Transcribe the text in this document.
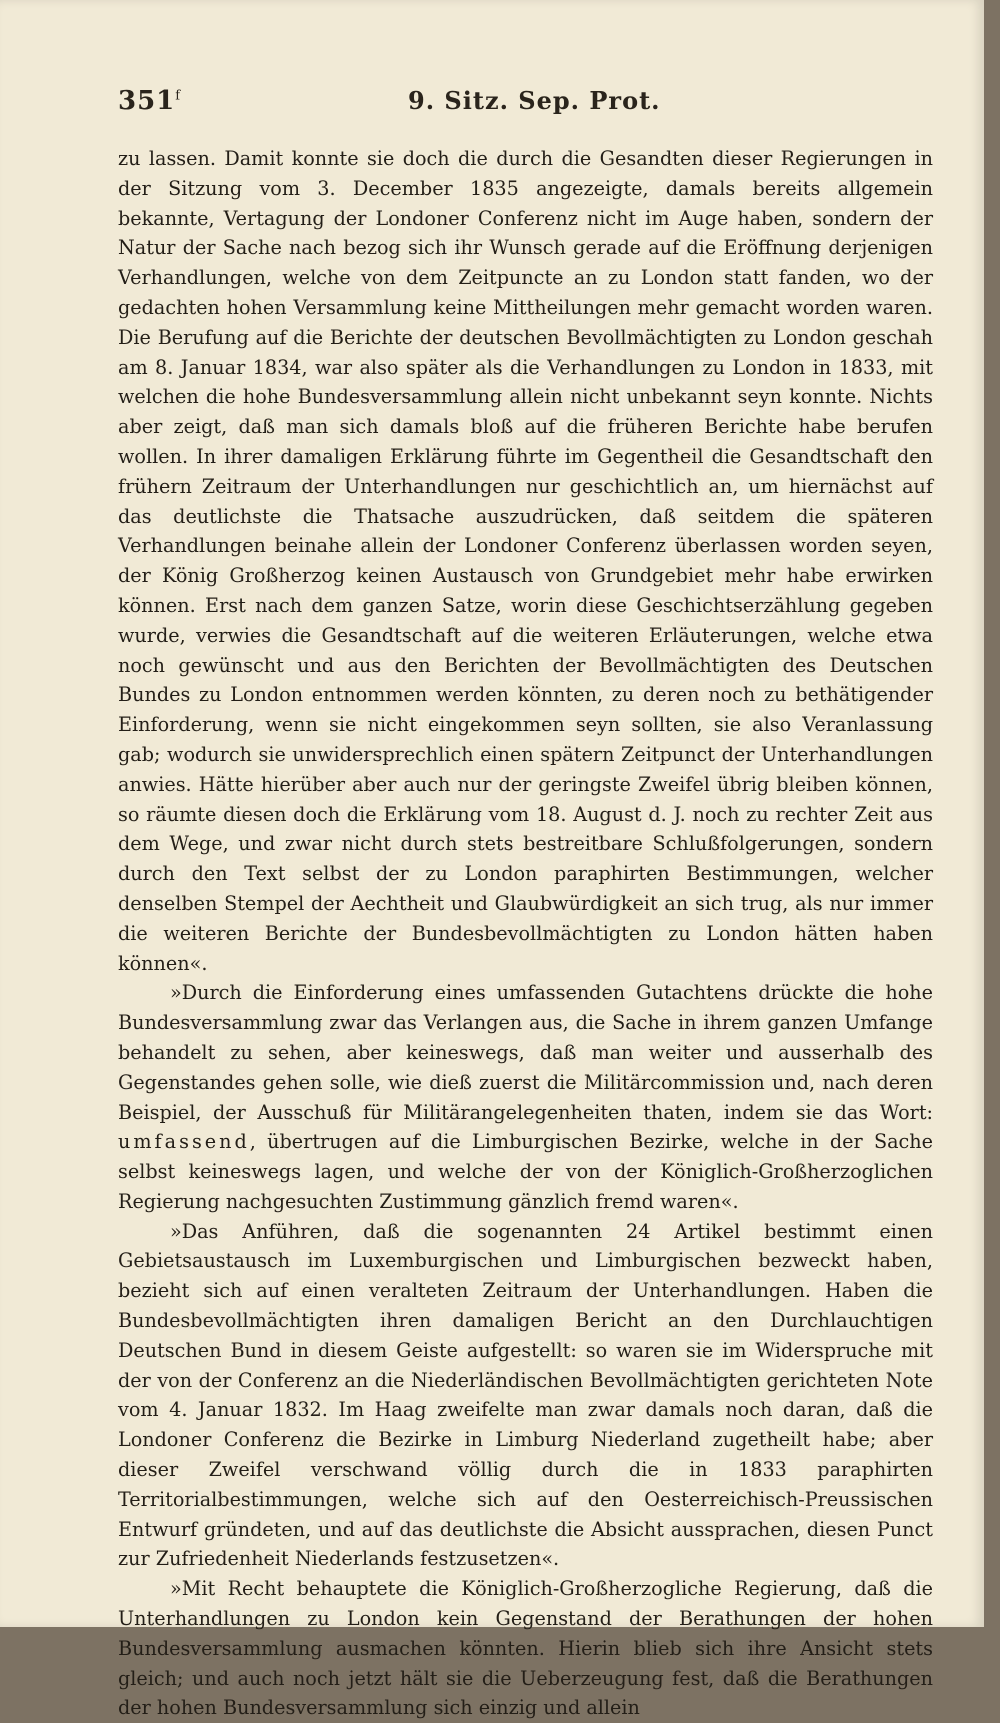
351$^f$	9. Sitz. Sep. Prot.

zu lassen. Damit konnte sie doch die durch die Gesandten dieser Regierungen in der Sitzung vom 3. December 1835 angezeigte, damals bereits allgemein bekannte, Vertagung der Londoner Conferenz nicht im Auge haben, sondern der Natur der Sache nach bezog sich ihr Wunsch gerade auf die Eröffnung derjenigen Verhandlungen, welche von dem Zeitpuncte an zu London statt fanden, wo der gedachten hohen Versammlung keine Mittheilungen mehr gemacht worden waren. Die Berufung auf die Berichte der deutschen Bevollmächtigten zu London geschah am 8. Januar 1834, war also später als die Verhandlungen zu London in 1833, mit welchen die hohe Bundesversammlung allein nicht unbekannt seyn konnte. Nichts aber zeigt, daß man sich damals bloß auf die früheren Berichte habe berufen wollen. In ihrer damaligen Erklärung führte im Gegentheil die Gesandtschaft den frühern Zeitraum der Unterhandlungen nur geschichtlich an, um hiernächst auf das deutlichste die Thatsache auszudrücken, daß seitdem die späteren Verhandlungen beinahe allein der Londoner Conferenz überlassen worden seyen, der König Großherzog keinen Austausch von Grundgebiet mehr habe erwirken können. Erst nach dem ganzen Satze, worin diese Geschichtserzählung gegeben wurde, verwies die Gesandtschaft auf die weiteren Erläuterungen, welche etwa noch gewünscht und aus den Berichten der Bevollmächtigten des Deutschen Bundes zu London entnommen werden könnten, zu deren noch zu bethätigender Einforderung, wenn sie nicht eingekommen seyn sollten, sie also Veranlassung gab; wodurch sie unwidersprechlich einen spätern Zeitpunct der Unterhandlungen anwies. Hätte hierüber aber auch nur der geringste Zweifel übrig bleiben können, so räumte diesen doch die Erklärung vom 18. August d. J. noch zu rechter Zeit aus dem Wege, und zwar nicht durch stets bestreitbare Schlußfolgerungen, sondern durch den Text selbst der zu London paraphirten Bestimmungen, welcher denselben Stempel der Aechtheit und Glaubwürdigkeit an sich trug, als nur immer die weiteren Berichte der Bundesbevollmächtigten zu London hätten haben können«.

»Durch die Einforderung eines umfassenden Gutachtens drückte die hohe Bundesversammlung zwar das Verlangen aus, die Sache in ihrem ganzen Umfange behandelt zu sehen, aber keineswegs, daß man weiter und ausserhalb des Gegenstandes gehen solle, wie dieß zuerst die Militärcommission und, nach deren Beispiel, der Ausschuß für Militärangelegenheiten thaten, indem sie das Wort: umfassend, übertrugen auf die Limburgischen Bezirke, welche in der Sache selbst keineswegs lagen, und welche der von der Königlich-Großherzoglichen Regierung nachgesuchten Zustimmung gänzlich fremd waren«.

»Das Anführen, daß die sogenannten 24 Artikel bestimmt einen Gebietsaustausch im Luxemburgischen und Limburgischen bezweckt haben, bezieht sich auf einen veralteten Zeitraum der Unterhandlungen. Haben die Bundesbevollmächtigten ihren damaligen Bericht an den Durchlauchtigen Deutschen Bund in diesem Geiste aufgestellt: so waren sie im Widerspruche mit der von der Conferenz an die Niederländischen Bevollmächtigten gerichteten Note vom 4. Januar 1832. Im Haag zweifelte man zwar damals noch daran, daß die Londoner Conferenz die Bezirke in Limburg Niederland zugetheilt habe; aber dieser Zweifel verschwand völlig durch die in 1833 paraphirten Territorialbestimmungen, welche sich auf den Oesterreichisch-Preussischen Entwurf gründeten, und auf das deutlichste die Absicht aussprachen, diesen Punct zur Zufriedenheit Niederlands festzusetzen«.

»Mit Recht behauptete die Königlich-Großherzogliche Regierung, daß die Unterhandlungen zu London kein Gegenstand der Berathungen der hohen Bundesversammlung ausmachen könnten. Hierin blieb sich ihre Ansicht stets gleich; und auch noch jetzt hält sie die Ueberzeugung fest, daß die Berathungen der hohen Bundesversammlung sich einzig und allein
